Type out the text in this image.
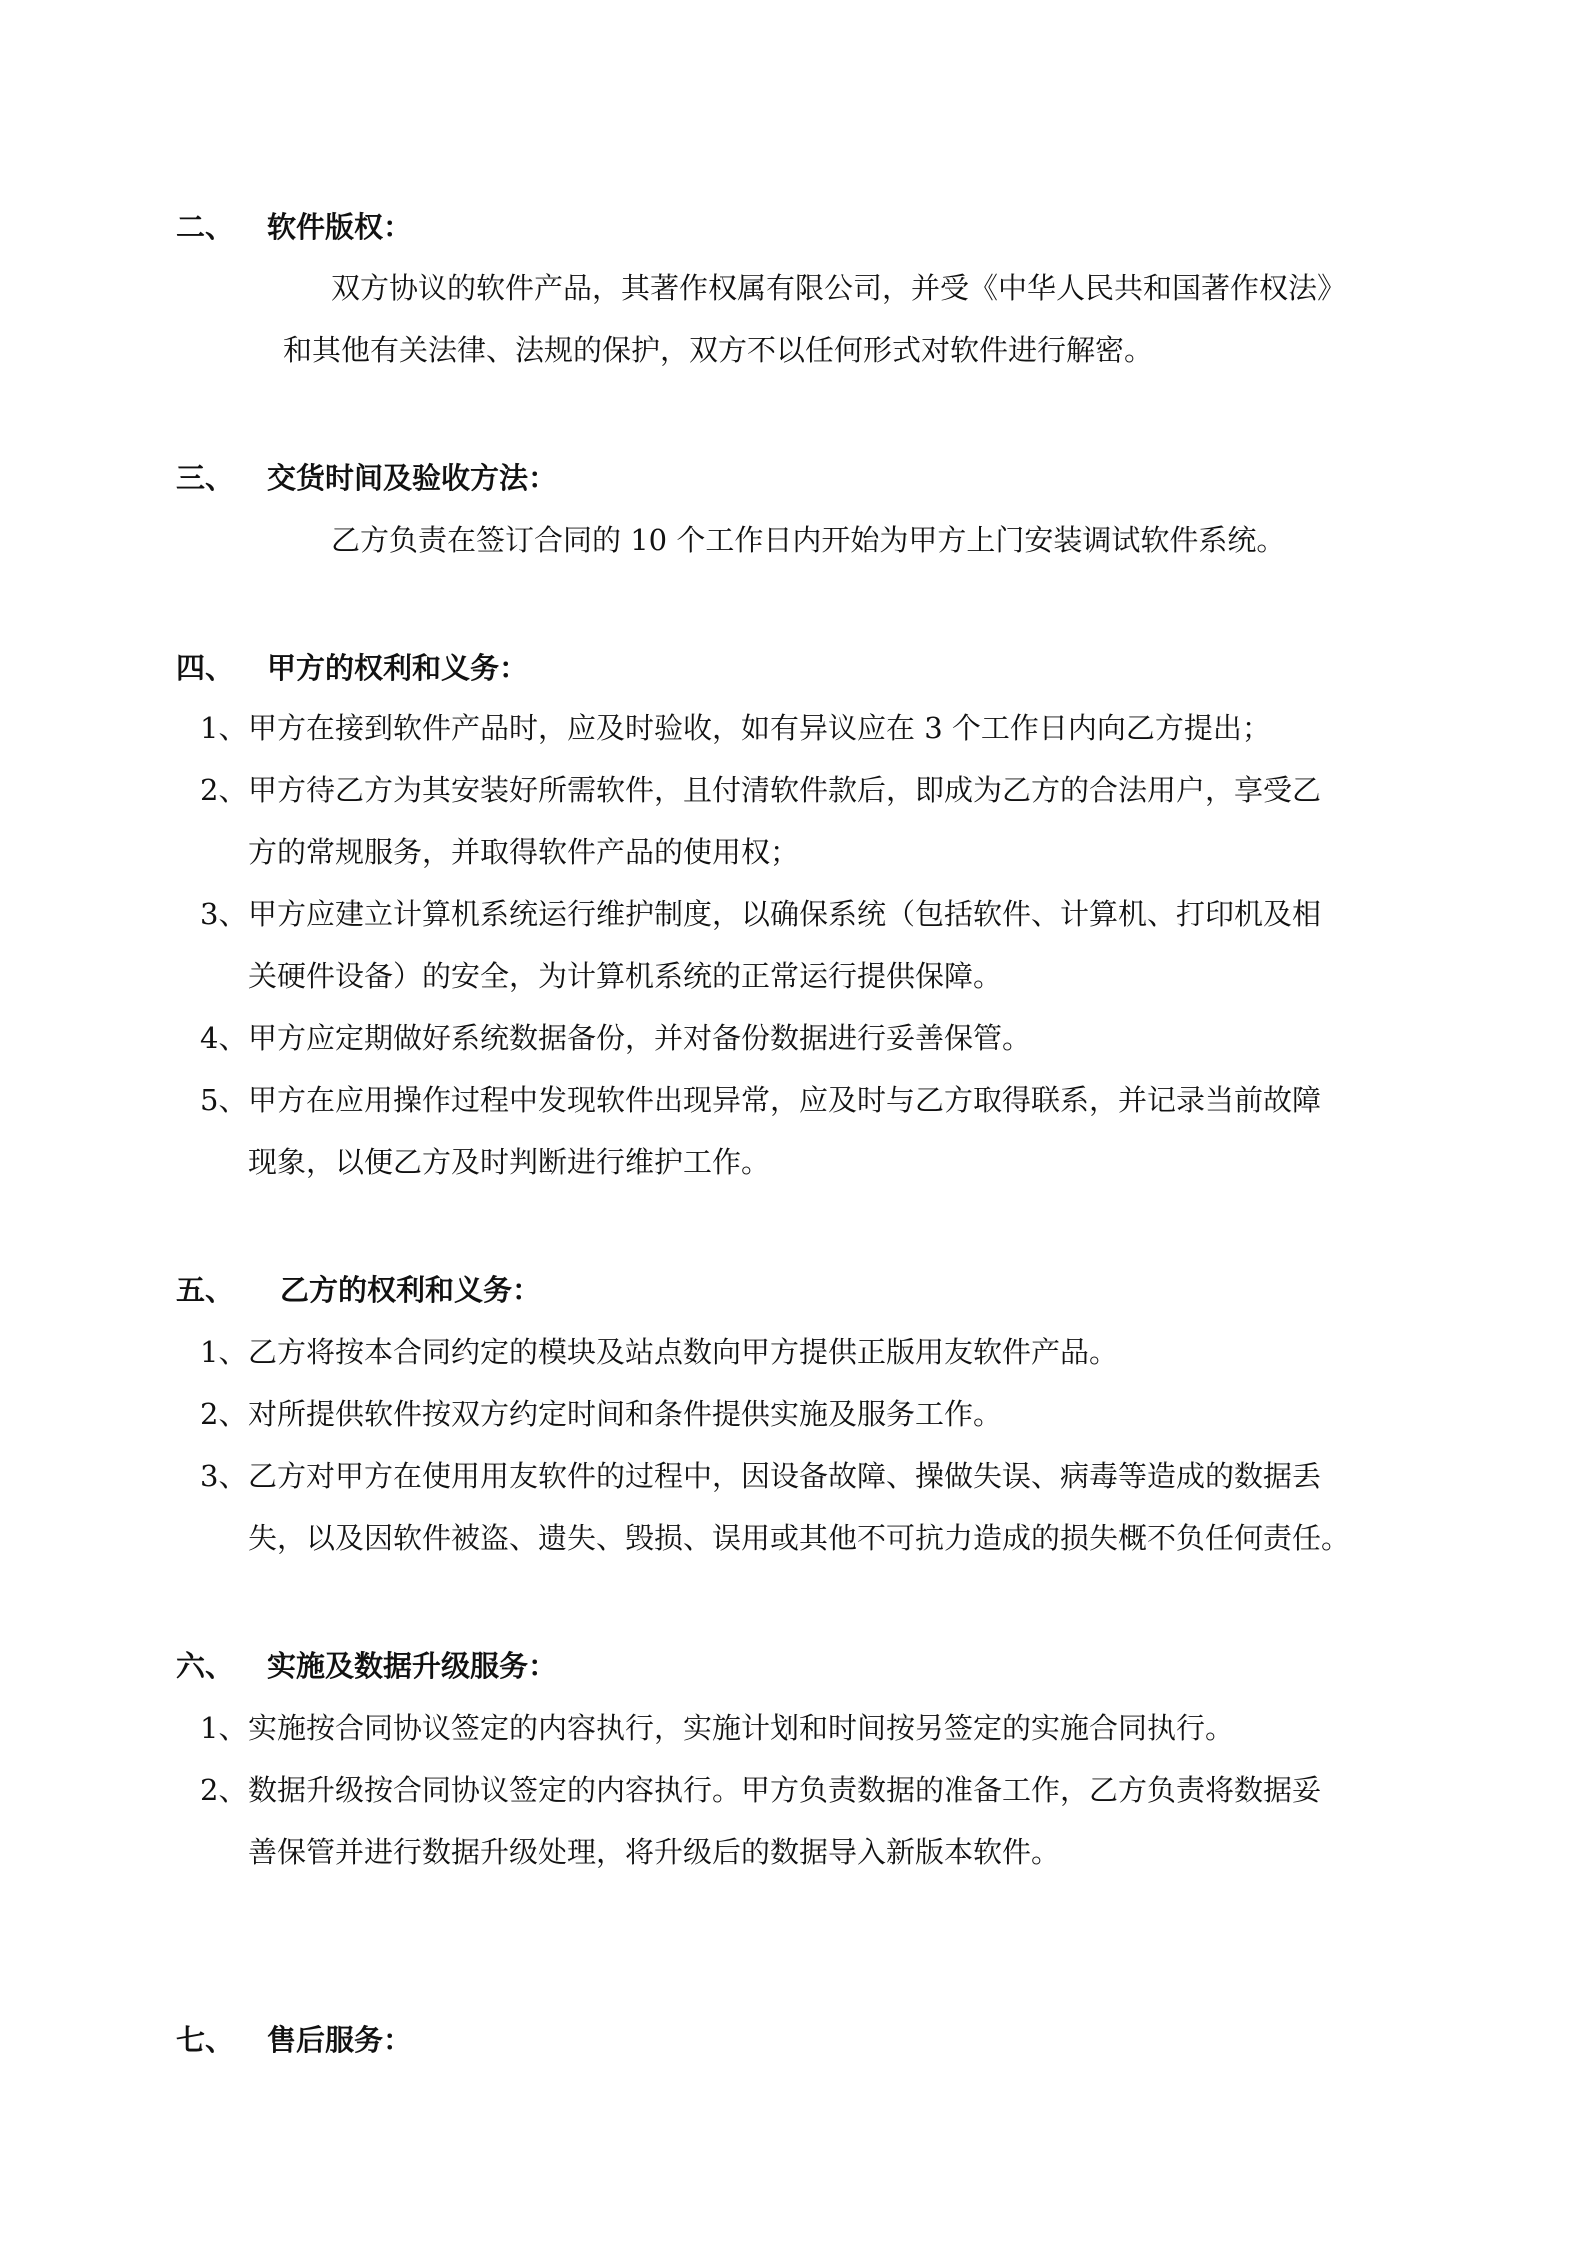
二、 软件版权：
双方协议的软件产品，其著作权属有限公司，并受《中华人民共和国著作权法》
和其他有关法律、法规的保护，双方不以任何形式对软件进行解密。
三、 交货时间及验收方法：
乙方负责在签订合同的 10 个工作日内开始为甲方上门安装调试软件系统。
四、 甲方的权利和义务：
1、 甲方在接到软件产品时，应及时验收，如有异议应在 3 个工作日内向乙方提出；
2、 甲方待乙方为其安装好所需软件，且付清软件款后，即成为乙方的合法用户，享受乙
方的常规服务，并取得软件产品的使用权；
3、 甲方应建立计算机系统运行维护制度，以确保系统（包括软件、计算机、打印机及相
关硬件设备）的安全，为计算机系统的正常运行提供保障。
4、 甲方应定期做好系统数据备份，并对备份数据进行妥善保管。
5、 甲方在应用操作过程中发现软件出现异常，应及时与乙方取得联系，并记录当前故障
现象，以便乙方及时判断进行维护工作。
五、 乙方的权利和义务：
1、 乙方将按本合同约定的模块及站点数向甲方提供正版用友软件产品。
2、 对所提供软件按双方约定时间和条件提供实施及服务工作。
3、 乙方对甲方在使用用友软件的过程中，因设备故障、操做失误、病毒等造成的数据丢
失，以及因软件被盗、遗失、毁损、误用或其他不可抗力造成的损失概不负任何责任。
六、 实施及数据升级服务：
1、 实施按合同协议签定的内容执行，实施计划和时间按另签定的实施合同执行。
2、 数据升级按合同协议签定的内容执行。甲方负责数据的准备工作，乙方负责将数据妥
善保管并进行数据升级处理，将升级后的数据导入新版本软件。
七、 售后服务：
